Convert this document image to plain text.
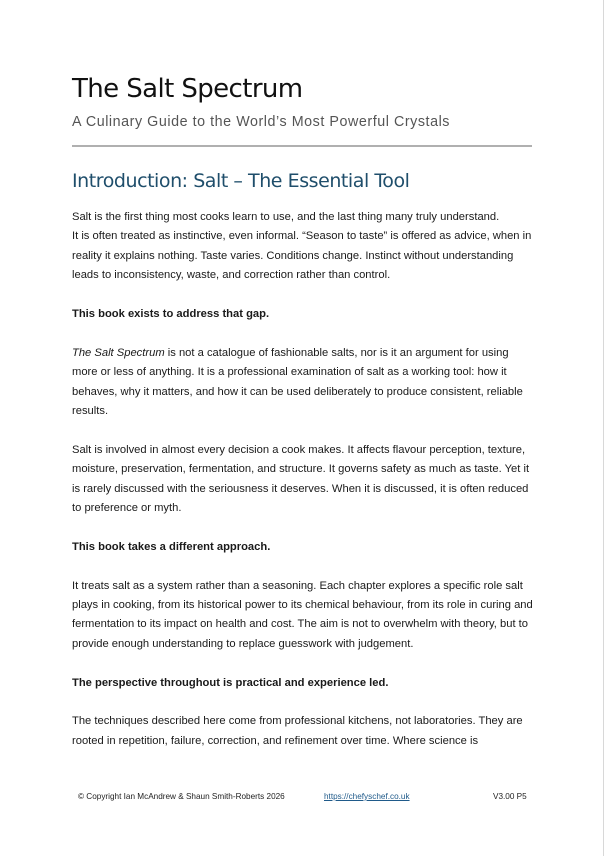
The Salt Spectrum
A Culinary Guide to the World’s Most Powerful Crystals
Introduction: Salt – The Essential Tool

Salt is the first thing most cooks learn to use, and the last thing many truly understand.
It is often treated as instinctive, even informal. “Season to taste” is offered as advice, when in reality it explains nothing. Taste varies. Conditions change. Instinct without understanding leads to inconsistency, waste, and correction rather than control.

This book exists to address that gap.

The Salt Spectrum is not a catalogue of fashionable salts, nor is it an argument for using more or less of anything. It is a professional examination of salt as a working tool: how it behaves, why it matters, and how it can be used deliberately to produce consistent, reliable results.

Salt is involved in almost every decision a cook makes. It affects flavour perception, texture, moisture, preservation, fermentation, and structure. It governs safety as much as taste. Yet it is rarely discussed with the seriousness it deserves. When it is discussed, it is often reduced to preference or myth.

This book takes a different approach.

It treats salt as a system rather than a seasoning. Each chapter explores a specific role salt plays in cooking, from its historical power to its chemical behaviour, from its role in curing and fermentation to its impact on health and cost. The aim is not to overwhelm with theory, but to provide enough understanding to replace guesswork with judgement.

The perspective throughout is practical and experience led.

The techniques described here come from professional kitchens, not laboratories. They are rooted in repetition, failure, correction, and refinement over time. Where science is

© Copyright Ian McAndrew & Shaun Smith-Roberts 2026	https://chefyschef.co.uk	V3.00 P5
